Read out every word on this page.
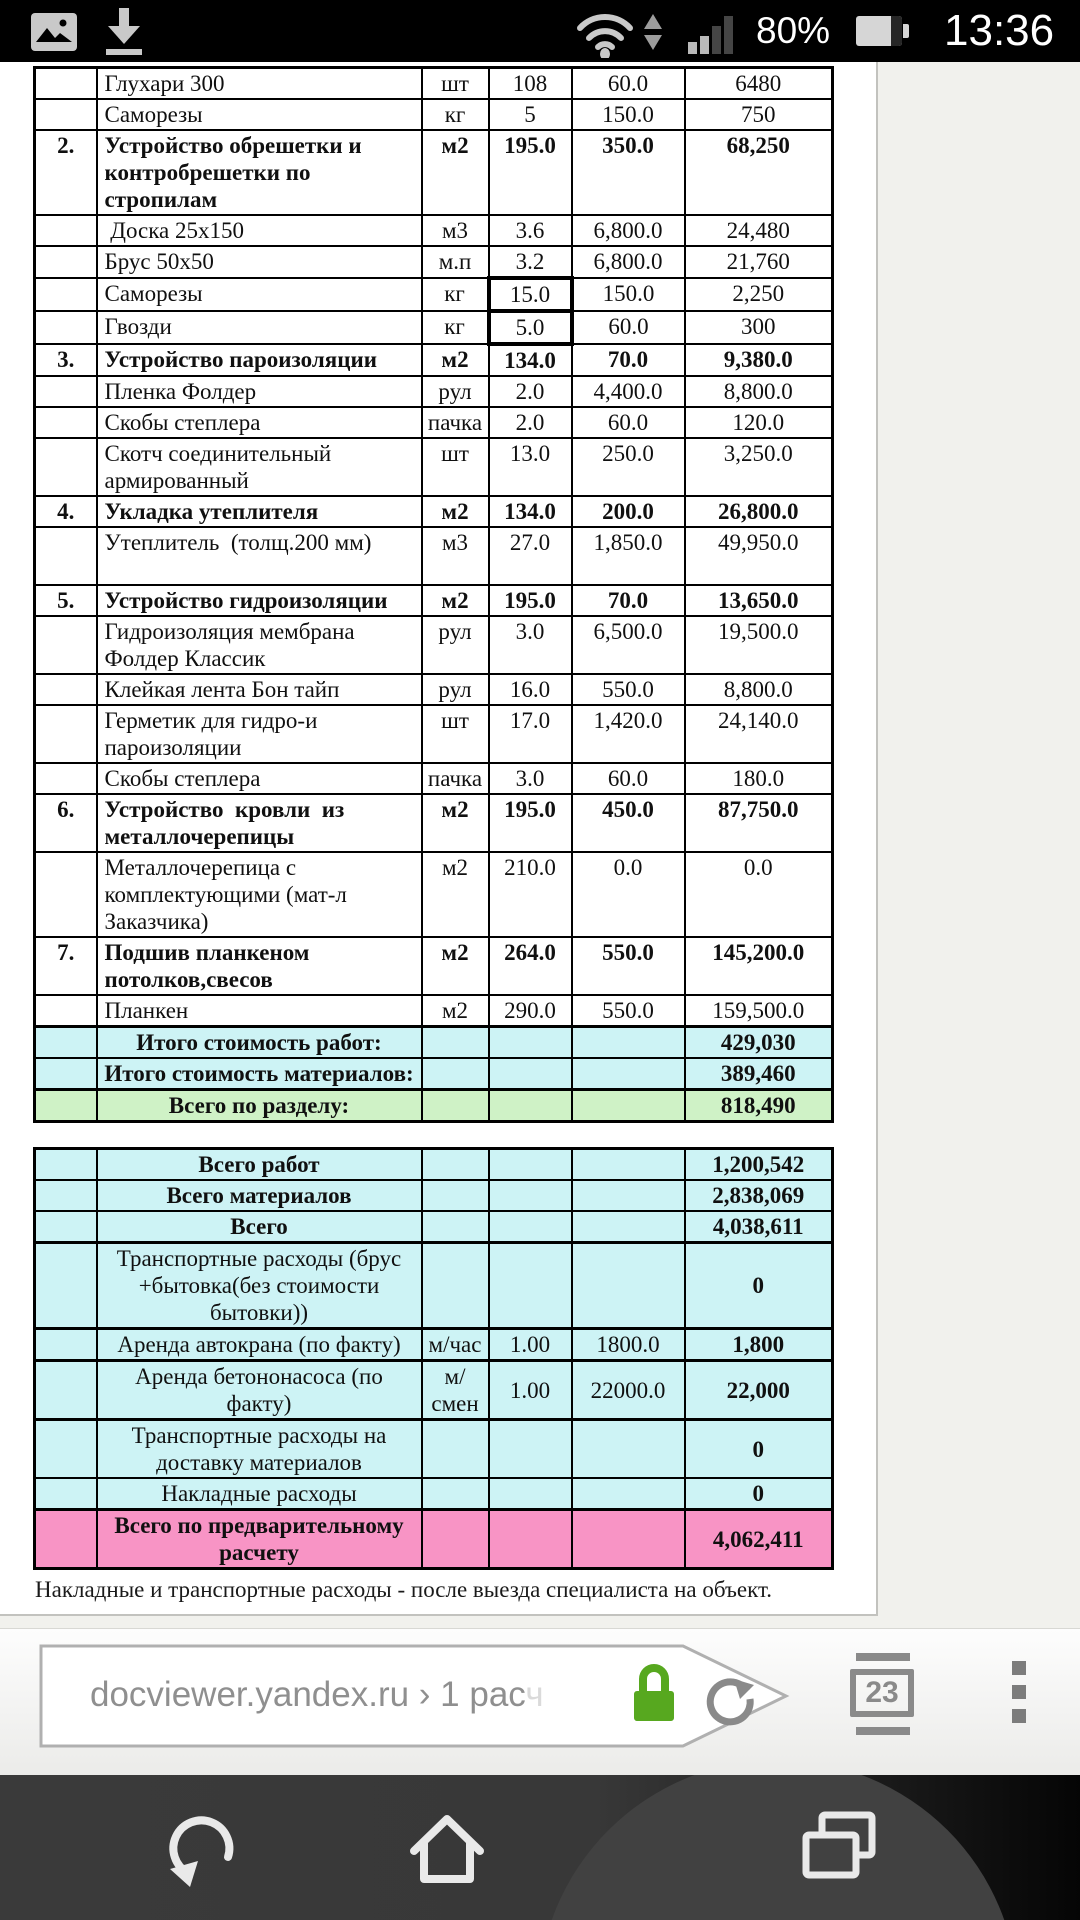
80%	13:36
	Глухари 300	шт	108	60.0	6480
	Саморезы	кг	5	150.0	750
2.	Устройство обрешетки и контробрешетки по стропилам	м2	195.0	350.0	68,250
	Доска 25х150	м3	3.6	6,800.0	24,480
	Брус 50х50	м.п	3.2	6,800.0	21,760
	Саморезы	кг	15.0	150.0	2,250
	Гвозди	кг	5.0	60.0	300
3.	Устройство пароизоляции	м2	134.0	70.0	9,380.0
	Пленка Фолдер	рул	2.0	4,400.0	8,800.0
	Скобы степлера	пачка	2.0	60.0	120.0
	Скотч соединительный армированный	шт	13.0	250.0	3,250.0
4.	Укладка утеплителя	м2	134.0	200.0	26,800.0
	Утеплитель  (толщ.200 мм)	м3	27.0	1,850.0	49,950.0
5.	Устройство гидроизоляции	м2	195.0	70.0	13,650.0
	Гидроизоляция мембрана Фолдер Классик	рул	3.0	6,500.0	19,500.0
	Клейкая лента Бон тайп	рул	16.0	550.0	8,800.0
	Герметик для гидро-и пароизоляции	шт	17.0	1,420.0	24,140.0
	Скобы степлера	пачка	3.0	60.0	180.0
6.	Устройство  кровли  из металлочерепицы	м2	195.0	450.0	87,750.0
	Металлочерепица с комплектующими (мат-л Заказчика)	м2	210.0	0.0	0.0
7.	Подшив планкеном потолков,свесов	м2	264.0	550.0	145,200.0
	Планкен	м2	290.0	550.0	159,500.0
	Итого стоимость работ:				429,030
	Итого стоимость материалов:				389,460
	Всего по разделу:				818,490
	Всего работ				1,200,542
	Всего материалов				2,838,069
	Всего				4,038,611
	Транспортные расходы (брус +бытовка(без стоимости бытовки))				0
	Аренда автокрана (по факту)	м/час	1.00	1800.0	1,800
	Аренда бетононасоса (по факту)	м/смен	1.00	22000.0	22,000
	Транспортные расходы на доставку материалов				0
	Накладные расходы				0
	Всего по предварительному расчету				4,062,411
Накладные и транспортные расходы - после выезда специалиста на объект.
docviewer.yandex.ru › 1 расч	23
